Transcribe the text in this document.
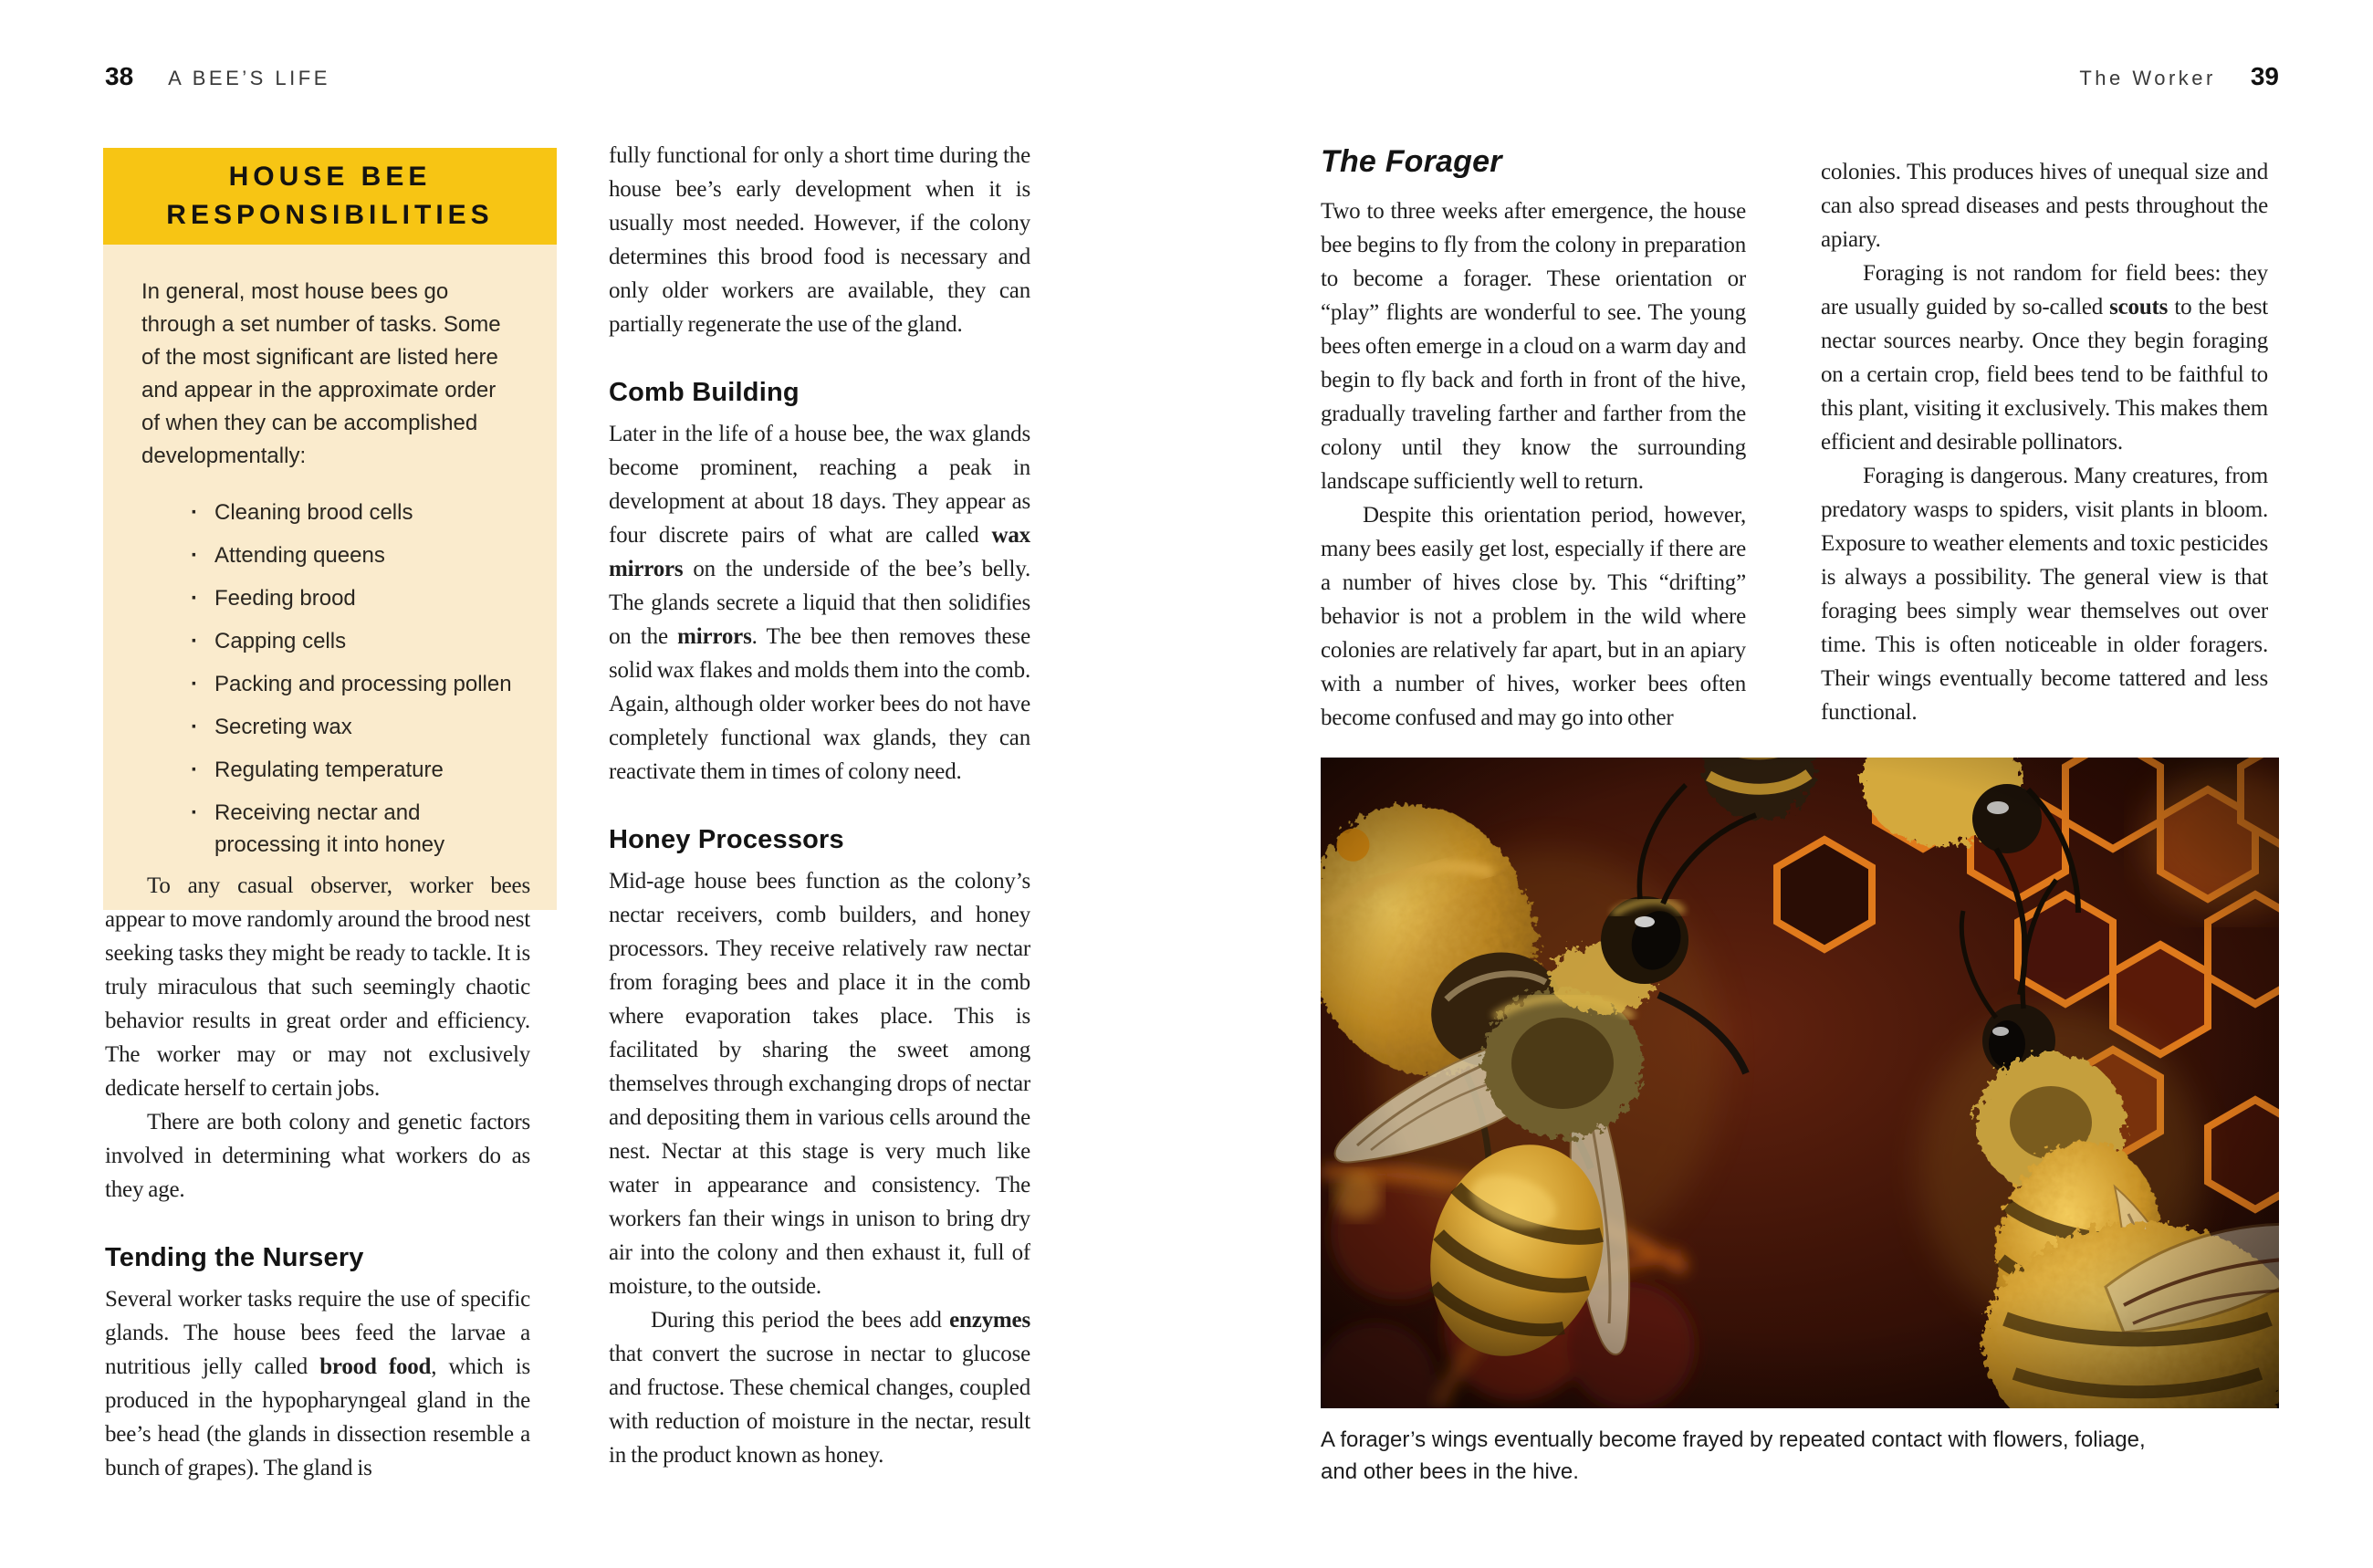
38 A BEE’S LIFE	The Worker 39
HOUSE BEE RESPONSIBILITIES

In general, most house bees go through a set number of tasks. Some of the most significant are listed here and appear in the approximate order of when they can be accomplished developmentally:

· Cleaning brood cells
· Attending queens
· Feeding brood
· Capping cells
· Packing and processing pollen
· Secreting wax
· Regulating temperature
· Receiving nectar and processing it into honey

To any casual observer, worker bees appear to move randomly around the brood nest seeking tasks they might be ready to tackle. It is truly miraculous that such seemingly chaotic behavior results in great order and efficiency. The worker may or may not exclusively dedicate herself to certain jobs.

There are both colony and genetic factors involved in determining what workers do as they age.

Tending the Nursery

Several worker tasks require the use of specific glands. The house bees feed the larvae a nutritious jelly called brood food, which is produced in the hypopharyngeal gland in the bee’s head (the glands in dissection resemble a bunch of grapes). The gland is

fully functional for only a short time during the house bee’s early development when it is usually most needed. However, if the colony determines this brood food is necessary and only older workers are available, they can partially regenerate the use of the gland.

Comb Building

Later in the life of a house bee, the wax glands become prominent, reaching a peak in development at about 18 days. They appear as four discrete pairs of what are called wax mirrors on the underside of the bee’s belly. The glands secrete a liquid that then solidifies on the mirrors. The bee then removes these solid wax flakes and molds them into the comb. Again, although older worker bees do not have completely functional wax glands, they can reactivate them in times of colony need.

Honey Processors

Mid-age house bees function as the colony’s nectar receivers, comb builders, and honey processors. They receive relatively raw nectar from foraging bees and place it in the comb where evaporation takes place. This is facilitated by sharing the sweet among themselves through exchanging drops of nectar and depositing them in various cells around the nest. Nectar at this stage is very much like water in appearance and consistency. The workers fan their wings in unison to bring dry air into the colony and then exhaust it, full of moisture, to the outside.

During this period the bees add enzymes that convert the sucrose in nectar to glucose and fructose. These chemical changes, coupled with reduction of moisture in the nectar, result in the product known as honey.

The Forager

Two to three weeks after emergence, the house bee begins to fly from the colony in preparation to become a forager. These orientation or “play” flights are wonderful to see. The young bees often emerge in a cloud on a warm day and begin to fly back and forth in front of the hive, gradually traveling farther and farther from the colony until they know the surrounding landscape sufficiently well to return.

Despite this orientation period, however, many bees easily get lost, especially if there are a number of hives close by. This “drifting” behavior is not a problem in the wild where colonies are relatively far apart, but in an apiary with a number of hives, worker bees often become confused and may go into other

colonies. This produces hives of unequal size and can also spread diseases and pests throughout the apiary.

Foraging is not random for field bees: they are usually guided by so-called scouts to the best nectar sources nearby. Once they begin foraging on a certain crop, field bees tend to be faithful to this plant, visiting it exclusively. This makes them efficient and desirable pollinators.

Foraging is dangerous. Many creatures, from predatory wasps to spiders, visit plants in bloom. Exposure to weather elements and toxic pesticides is always a possibility. The general view is that foraging bees simply wear themselves out over time. This is often noticeable in older foragers. Their wings eventually become tattered and less functional.

A forager’s wings eventually become frayed by repeated contact with flowers, foliage, and other bees in the hive.
